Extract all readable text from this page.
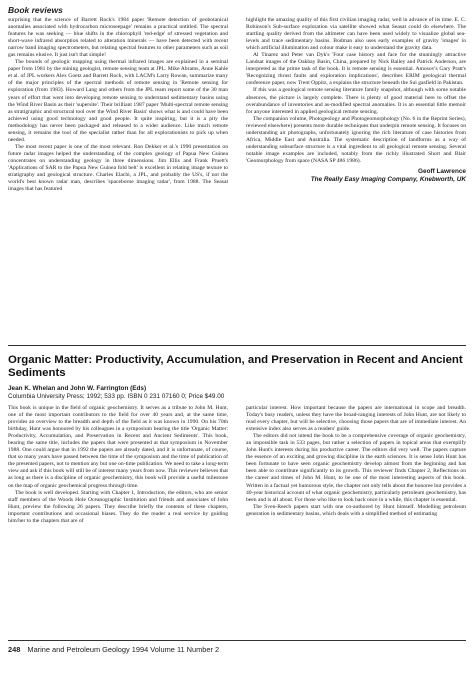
Book reviews

surprising that the science of Barrett Rock's 1984 paper 'Remote detection of geobotanical anomalies associated with hydrocarbon microseepage' remains a practical untitled. The spectral features he was seeking — blue shifts in the chlorophyll 'red-edge' of stressed vegetation and short-wave infrared absorption related to alteration minerals — have been detected with recent narrow band imaging spectrometers, but relating spectral features to other parameters such as soil gas remains elusive. It just isn't that simple!

The bounds of geologic mapping using thermal infrared images are explained in a seminal paper from 1981 by the mining geologist, remote sensing team at JPL. Mike Abrams, Anne Kahle et al. of JPL workers Alex Goetz and Barrett Rock, with LACM's Larry Rowan, summarize many of the major principles of the spectral methods of remote sensing in 'Remote sensing for exploration (from 1983). Howard Lang and others from the JPL team report some of the 30 man years of effort that went into developing remote sensing to understand sedimentary basins using the Wind River Basin as their 'supersite'. Their brilliant 1987 paper 'Multi-spectral remote sensing as stratigraphic and structural tool over the Wind River Basin' shows what is and could have been achieved using good technology and good people. It quite inspiring, but it is a pity the methodology has never been packaged and released to a wider audience. Like much remote sensing, it remains the tool of the specialist rather than for all explorationists to pick up when needed.

The most recent paper is one of the most relevant. Ron Dekker et al.'s 1990 presentation on future radar images helped the understanding of the complex geology of Papua New Guinea concentrates on understanding geology in three dimensions. Jim Ellis and Frank Pruett's 'Applications of SAR to the Papua New Guinea fold belt' is excellent in relating image texture to stratigraphy and geological structure. Charles Elachi, a JPL, and probably the US's, if not the world's best known radar man, describes 'spaceborne imaging radar', from 1988. The Seasat images that has featured

highlight the amazing quality of this first civilian imaging radar, well in advance of its time. E. C. Robinson's Sub-surface exploration via satellite showed what Seasat could do elsewhere. The startling quality derived from the altimeter can have been used widely to visualize global sea-levels and trace sedimentary basins. Bodman also uses early examples of gravity 'images' in which artificial illumination and colour make it easy to understand the gravity data.

Al Tinarez and Peter van Dyk's 'Four case history and face for the stunningly attractive Landsat images of the Oakbay Basin, China, prepared by Nick Bailey and Patrick Anderson, are interpreted as the prime task of the book. It is remote sensing is essential. Amosov's Gary Pratt's 'Recognizing thrust faults and exploration implications', describes ERIM geological thermal conference paper, now Trent Oppitz, a explains the structure beneath the Sui gasfield in Pakistan.

If this was a geological remote sensing literature family snapshot, although with some notable absences, the picture is largely complete. There is plenty of good material here to offset the overabundance of inventories and as-modified spectral anomalies. It is an essential little memoir for anyone interested in applied geological remote sensing.

The companion volume, Photogeology and Photogeomorphology (No. 6 in the Reprint Series), reviewed elsewhere) presents more durable techniques that underpin remote sensing. It focuses on understanding air photographs, unfortunately ignoring the rich literature of case histories from Africa, Middle East and Australia. The systematic description of landforms as a way of understanding subsurface structure is a vital ingredient to all geological remote sensing. Several notable image examples are included, notably from the richly illustrated Short and Blair 'Geomorphology from space (NASA SP 486 1986).

Geoff Lawrence
The Really Easy Imaging Company, Knebworth, UK
Organic Matter: Productivity, Accumulation, and Preservation in Recent and Ancient Sediments
Jean K. Whelan and John W. Farrington (Eds)
Columbia University Press; 1992; 533 pp. ISBN 0 231 07160 0; Price $49.00

This book is unique in the field of organic geochemistry. It serves as a tribute to John M. Hunt, one of the most important contributors to the field for over 40 years and, at the same time, provides an overview to the breadth and depth of the field as it was known in 1990. On his 70th birthday, Hunt was honoured by his colleagues in a symposium bearing the title 'Organic Matter: Productivity, Accumulation, and Preservation in Recent and Ancient Sediments'. This book, bearing the same title, includes the papers that were presented at that symposium in November 1988. One could argue that in 1992 the papers are already dated, and it is unfortunate, of course, that so many years have passed between the time of the symposium and the time of publication of the presented papers, not to mention any but one on-time publication. We need to take a long-term view and ask if this book will still be of interest many years from now. This reviewer believes that as long as there is a discipline of organic geochemistry, this book will provide a useful milestone on the map of organic geochemical progress through time.

The book is well developed. Starting with Chapter 1, Introduction, the editors, who are senior staff members of the Woods Hole Oceanographic Institution and friends and associates of John Hunt, preview the following 26 papers. They describe briefly the contents of these chapters, important contributions and occasional biases. They do the reader a real service by guiding him/her to the chapters that are of

particular interest. How important because the papers are international in scope and breadth. Today's busy readers, unless they have the broad-ranging interests of John Hunt, are not likely to read every chapter, but will be selective, choosing those papers that are of immediate interest. An extensive index also serves as a readers' guide.

The editors did not intend the book to be a comprehensive coverage of organic geochemistry, an impossible task in 533 pages, but rather a selection of papers in topical areas that exemplify John Hunt's interests during his productive career. The editors did very well. The papers capture the essence of an exciting and growing discipline in the earth sciences. It is sense John Hunt has been fortunate to have seen organic geochemistry develop almost from the beginning and has been able to contribute significantly to its growth. This reviewer finds Chapter 2, Reflections on the career and times of John M. Hunt, to be one of the most interesting aspects of this book. Written in a factual yet humorous style, the chapter not only tells about the honoree but provides a 40-year historical account of what organic geochemistry, particularly petroleum geochemistry, has been and is all about. For those who like to look back once in a while, this chapter is essential.

The Sven-Reech papers start with one co-authored by Hunt himself. Modelling petroleum generation in sedimentary basins, which deals with a simplified method of estimating

248 Marine and Petroleum Geology 1994 Volume 11 Number 2
